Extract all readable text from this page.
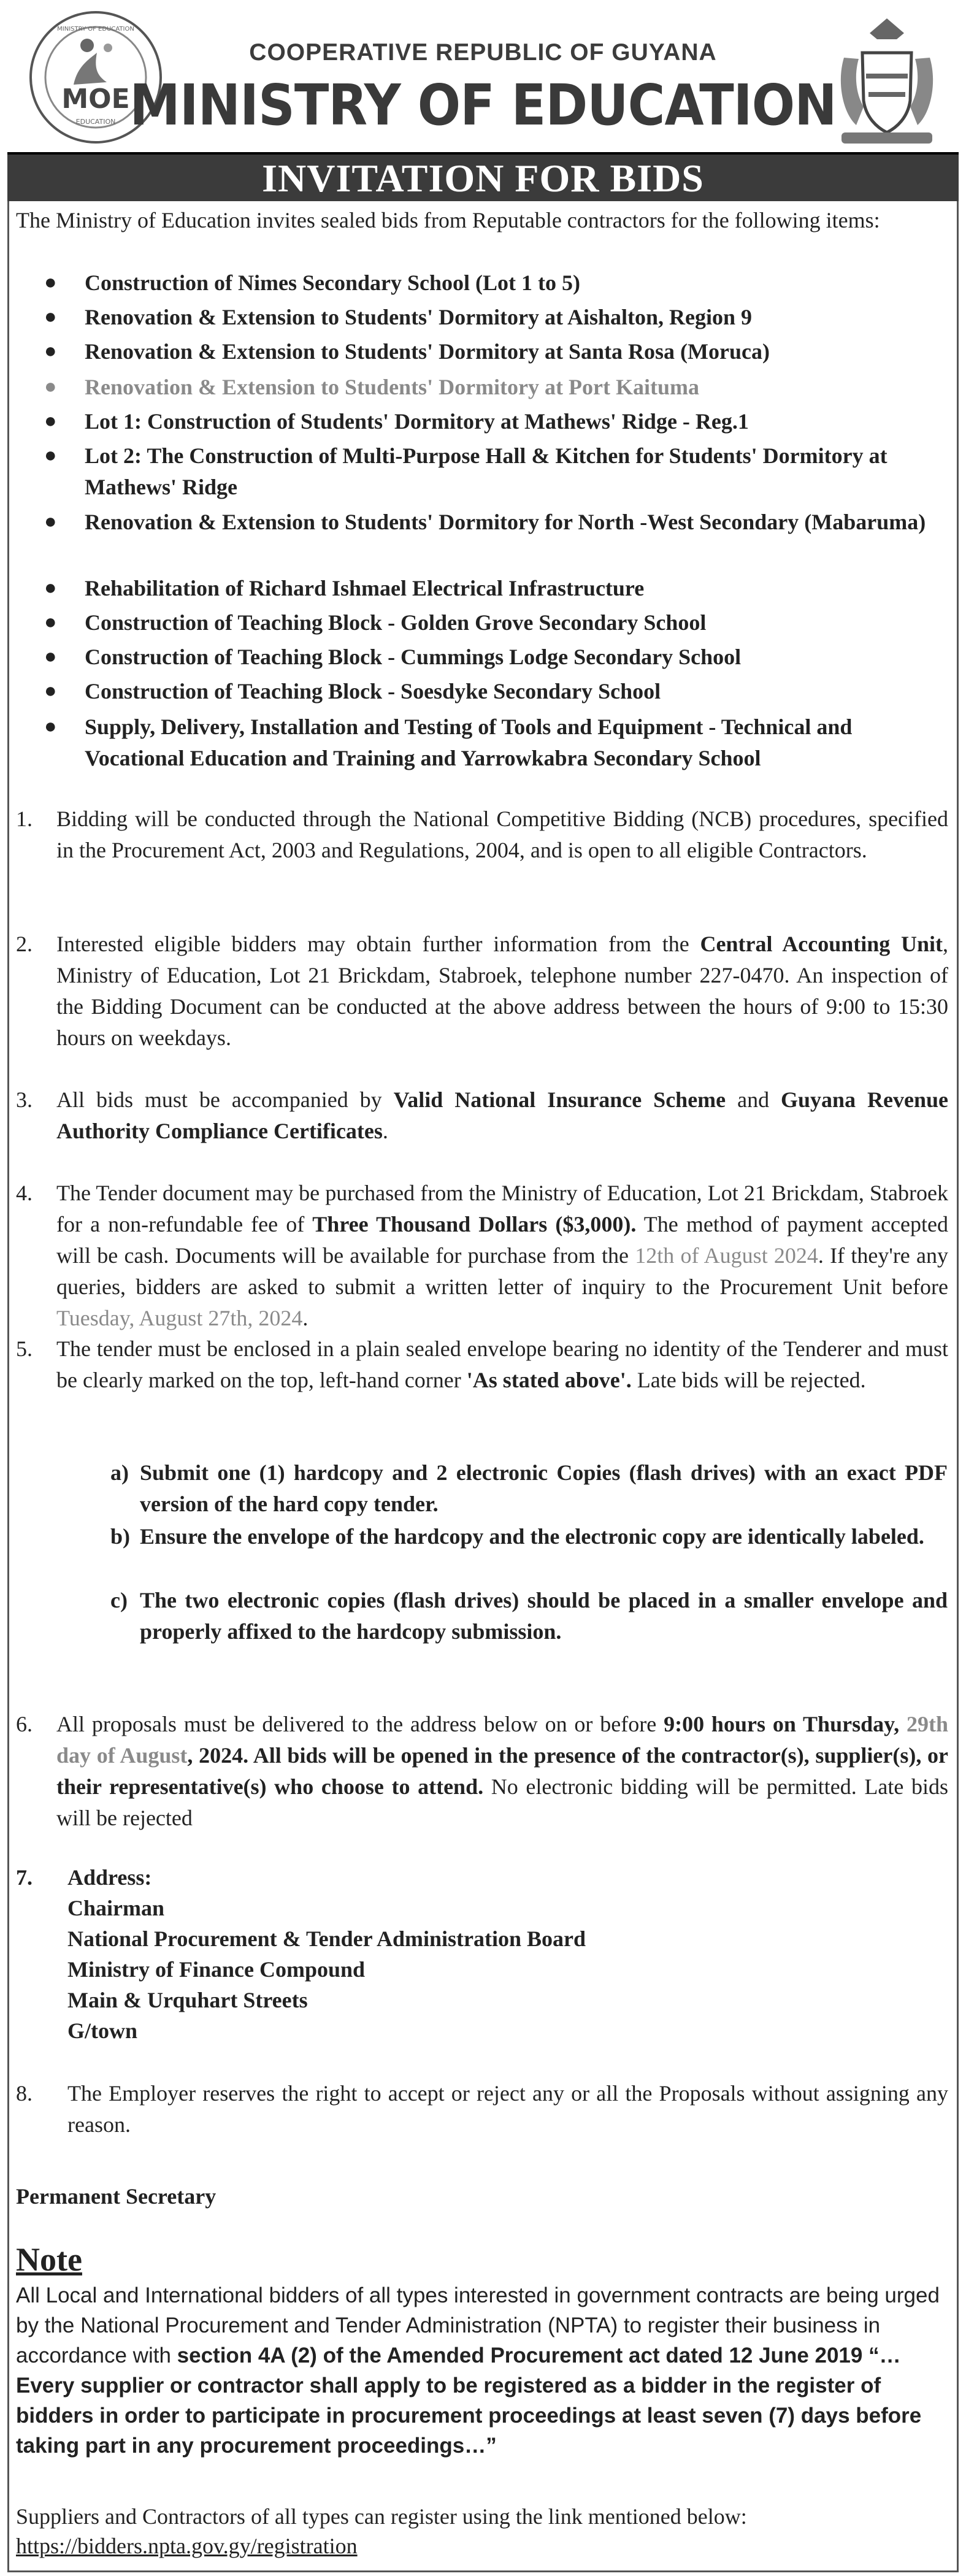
MOE
EDUCATION
MINISTRY OF EDUCATION
COOPERATIVE REPUBLIC OF GUYANA
MINISTRY OF EDUCATION
INVITATION FOR BIDS
The Ministry of Education invites sealed bids from Reputable contractors for the following items:
● Construction of Nimes Secondary School (Lot 1 to 5)
● Renovation & Extension to Students' Dormitory at Aishalton, Region 9
● Renovation & Extension to Students' Dormitory at Santa Rosa (Moruca)
● Renovation & Extension to Students' Dormitory at Port Kaituma
● Lot 1: Construction of Students' Dormitory at Mathews' Ridge - Reg.1
● Lot 2: The Construction of Multi-Purpose Hall & Kitchen for Students' Dormitory at Mathews' Ridge
● Renovation & Extension to Students' Dormitory for North -West Secondary (Mabaruma)
● Rehabilitation of Richard Ishmael Electrical Infrastructure
● Construction of Teaching Block - Golden Grove Secondary School
● Construction of Teaching Block - Cummings Lodge Secondary School
● Construction of Teaching Block - Soesdyke Secondary School
● Supply, Delivery, Installation and Testing of Tools and Equipment - Technical and Vocational Education and Training and Yarrowkabra Secondary School
1. Bidding will be conducted through the National Competitive Bidding (NCB) procedures, specified in the Procurement Act, 2003 and Regulations, 2004, and is open to all eligible Contractors.
2. Interested eligible bidders may obtain further information from the Central Accounting Unit, Ministry of Education, Lot 21 Brickdam, Stabroek, telephone number 227-0470. An inspection of the Bidding Document can be conducted at the above address between the hours of 9:00 to 15:30 hours on weekdays.
3. All bids must be accompanied by Valid National Insurance Scheme and Guyana Revenue Authority Compliance Certificates.
4. The Tender document may be purchased from the Ministry of Education, Lot 21 Brickdam, Stabroek for a non-refundable fee of Three Thousand Dollars ($3,000). The method of payment accepted will be cash. Documents will be available for purchase from the 12th of August 2024. If they're any queries, bidders are asked to submit a written letter of inquiry to the Procurement Unit before Tuesday, August 27th, 2024.
5. The tender must be enclosed in a plain sealed envelope bearing no identity of the Tenderer and must be clearly marked on the top, left-hand corner 'As stated above'. Late bids will be rejected.
a) Submit one (1) hardcopy and 2 electronic Copies (flash drives) with an exact PDF version of the hard copy tender.
b) Ensure the envelope of the hardcopy and the electronic copy are identically labeled.
c) The two electronic copies (flash drives) should be placed in a smaller envelope and properly affixed to the hardcopy submission.
6. All proposals must be delivered to the address below on or before 9:00 hours on Thursday, 29th day of August, 2024. All bids will be opened in the presence of the contractor(s), supplier(s), or their representative(s) who choose to attend. No electronic bidding will be permitted. Late bids will be rejected
7. Address:
Chairman
National Procurement & Tender Administration Board
Ministry of Finance Compound
Main & Urquhart Streets
G/town
8. The Employer reserves the right to accept or reject any or all the Proposals without assigning any reason.
Permanent Secretary
Note
All Local and International bidders of all types interested in government contracts are being urged by the National Procurement and Tender Administration (NPTA) to register their business in accordance with section 4A (2) of the Amended Procurement act dated 12 June 2019 “…Every supplier or contractor shall apply to be registered as a bidder in the register of bidders in order to participate in procurement proceedings at least seven (7) days before taking part in any procurement proceedings…”
Suppliers and Contractors of all types can register using the link mentioned below:
https://bidders.npta.gov.gy/registration
